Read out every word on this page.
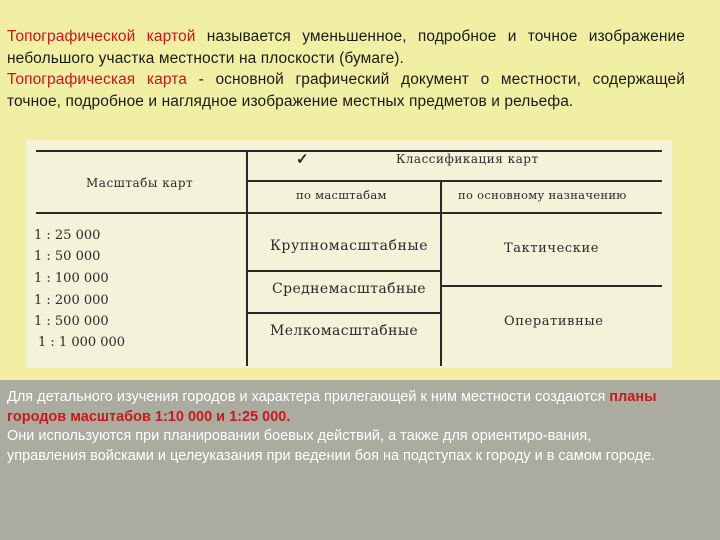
Топографической картой называется уменьшенное, подробное и точное изображение небольшого участка местности на плоскости (бумаге).

Топографическая карта - основной графический документ о местности, содержащей точное, подробное и наглядное изображение местных предметов и рельефа.

✓	Классификация карт
Масштабы карт
по масштабам	по основному назначению
1 : 25 000
1 : 50 000
1 : 100 000
1 : 200 000
1 : 500 000
1 : 1 000 000
Крупномасштабные
Среднемасштабные
Мелкомасштабные
Тактические
Оперативные

Для детального изучения городов и характера прилегающей к ним местности создаются планы городов масштабов 1:10 000 и 1:25 000.

Они используются при планировании боевых действий, а также для ориентиро-вания, управления войсками и целеуказания при ведении боя на подступах к городу и в самом городе.
